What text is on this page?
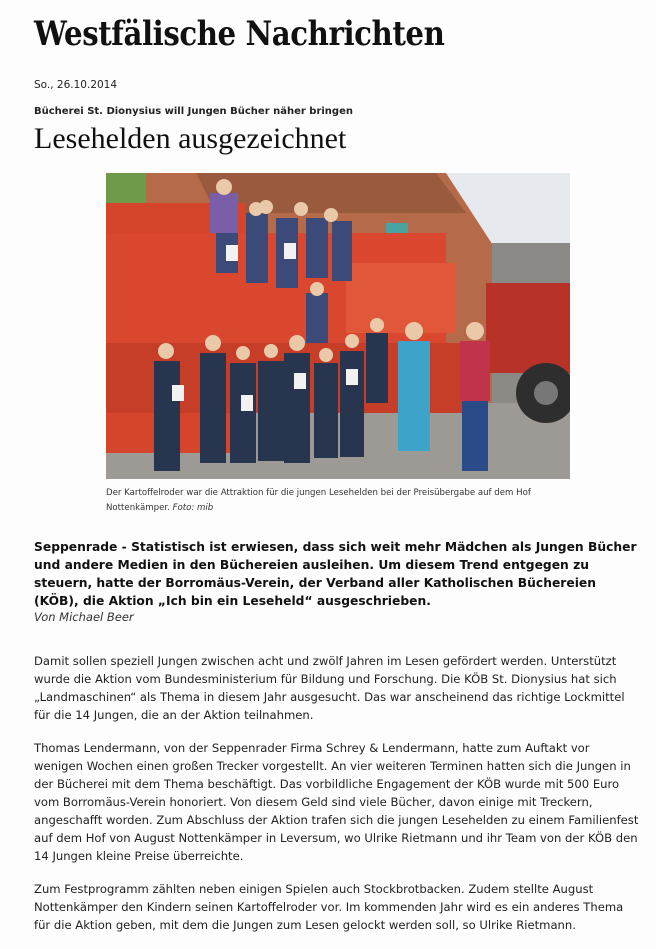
Westfälische Nachrichten
So., 26.10.2014
Bücherei St. Dionysius will Jungen Bücher näher bringen
Lesehelden ausgezeichnet
Der Kartoffelroder war die Attraktion für die jungen Lesehelden bei der Preisübergabe auf dem Hof Nottenkämper. Foto: mib
Seppenrade - Statistisch ist erwiesen, dass sich weit mehr Mädchen als Jungen Bücher und andere Medien in den Büchereien ausleihen. Um diesem Trend entgegen zu steuern, hatte der Borromäus-Verein, der Verband aller Katholischen Büchereien (KÖB), die Aktion „Ich bin ein Leseheld“ ausgeschrieben.
Von Michael Beer

Damit sollen speziell Jungen zwischen acht und zwölf Jahren im Lesen gefördert werden. Unterstützt wurde die Aktion vom Bundesministerium für Bildung und Forschung. Die KÖB St. Dionysius hat sich „Landmaschinen“ als Thema in diesem Jahr ausgesucht. Das war anscheinend das richtige Lockmittel für die 14 Jungen, die an der Aktion teilnahmen.

Thomas Lendermann, von der Seppenrader Firma Schrey & Lendermann, hatte zum Auftakt vor wenigen Wochen einen großen Trecker vorgestellt. An vier weiteren Terminen hatten sich die Jungen in der Bücherei mit dem Thema beschäftigt. Das vorbildliche Engagement der KÖB wurde mit 500 Euro vom Borromäus-Verein honoriert. Von diesem Geld sind viele Bücher, davon einige mit Treckern, angeschafft worden. Zum Abschluss der Aktion trafen sich die jungen Lesehelden zu einem Familienfest auf dem Hof von August Nottenkämper in Leversum, wo Ulrike Rietmann und ihr Team von der KÖB den 14 Jungen kleine Preise überreichte.

Zum Festprogramm zählten neben einigen Spielen auch Stockbrotbacken. Zudem stellte August Nottenkämper den Kindern seinen Kartoffelroder vor. Im kommenden Jahr wird es ein anderes Thema für die Aktion geben, mit dem die Jungen zum Lesen gelockt werden soll, so Ulrike Rietmann.
